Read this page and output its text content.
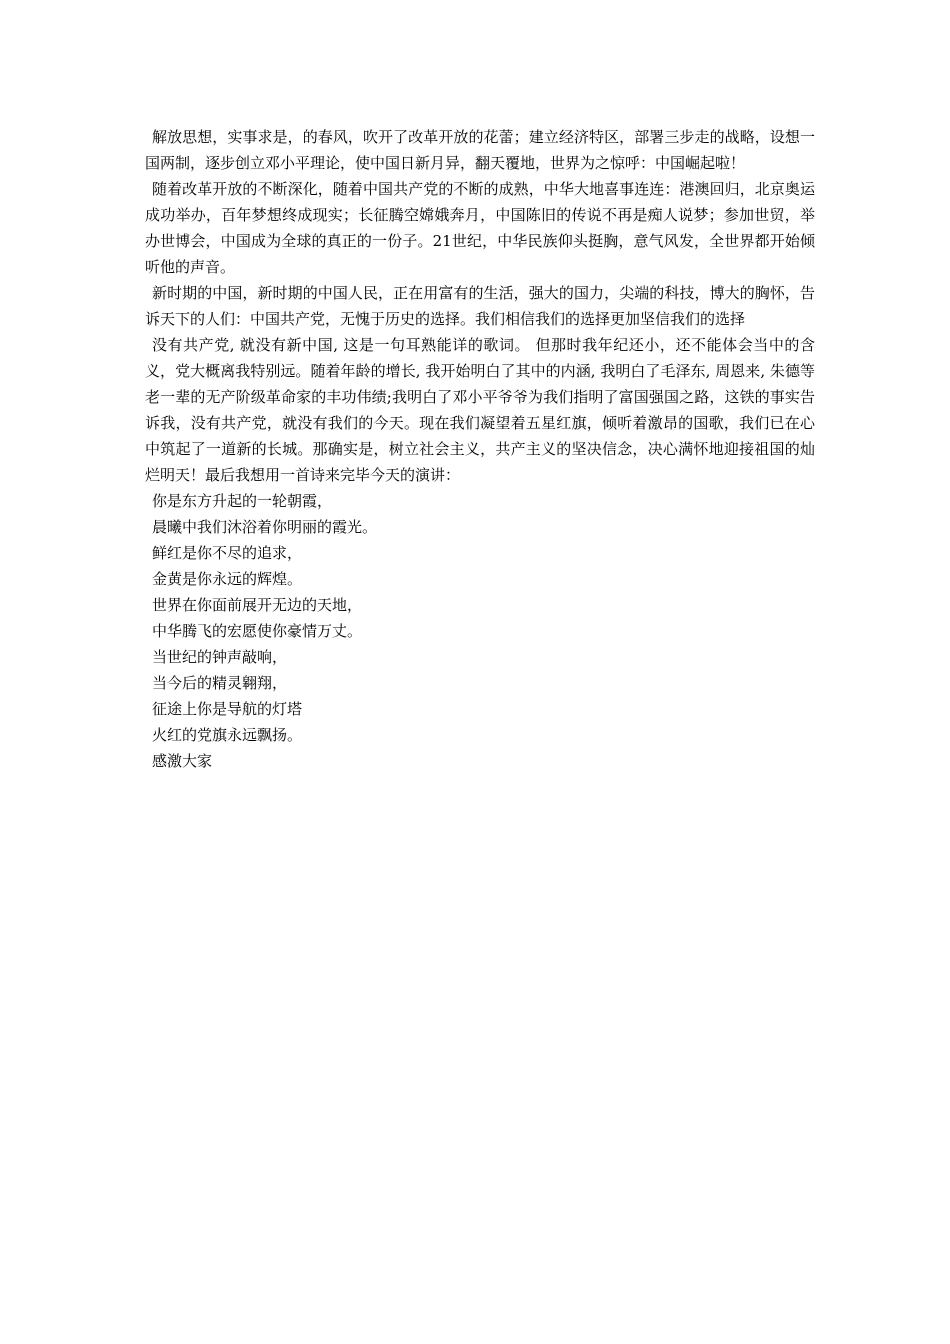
解放思想，实事求是，的春风，吹开了改革开放的花蕾；建立经济特区，部署三步走的战略，设想一国两制，逐步创立邓小平理论，使中国日新月异，翻天覆地，世界为之惊呼：中国崛起啦！

随着改革开放的不断深化，随着中国共产党的不断的成熟，中华大地喜事连连：港澳回归，北京奥运成功举办，百年梦想终成现实；长征腾空嫦娥奔月，中国陈旧的传说不再是痴人说梦；参加世贸，举办世博会，中国成为全球的真正的一份子。21世纪，中华民族仰头挺胸，意气风发，全世界都开始倾听他的声音。

新时期的中国，新时期的中国人民，正在用富有的生活，强大的国力，尖端的科技，博大的胸怀，告诉天下的人们：中国共产党，无愧于历史的选择。我们相信我们的选择更加坚信我们的选择

没有共产党, 就没有新中国, 这是一句耳熟能详的歌词。 但那时我年纪还小，还不能体会当中的含义，党大概离我特别远。随着年龄的增长, 我开始明白了其中的内涵, 我明白了毛泽东, 周恩来, 朱德等老一辈的无产阶级革命家的丰功伟绩;我明白了邓小平爷爷为我们指明了富国强国之路，这铁的事实告诉我，没有共产党，就没有我们的今天。现在我们凝望着五星红旗，倾听着激昂的国歌，我们已在心中筑起了一道新的长城。那确实是，树立社会主义，共产主义的坚决信念，决心满怀地迎接祖国的灿烂明天！最后我想用一首诗来完毕今天的演讲：

你是东方升起的一轮朝霞，
晨曦中我们沐浴着你明丽的霞光。
鲜红是你不尽的追求，
金黄是你永远的辉煌。
世界在你面前展开无边的天地，
中华腾飞的宏愿使你豪情万丈。
当世纪的钟声敲响，
当今后的精灵翱翔，
征途上你是导航的灯塔
火红的党旗永远飘扬。
感激大家
